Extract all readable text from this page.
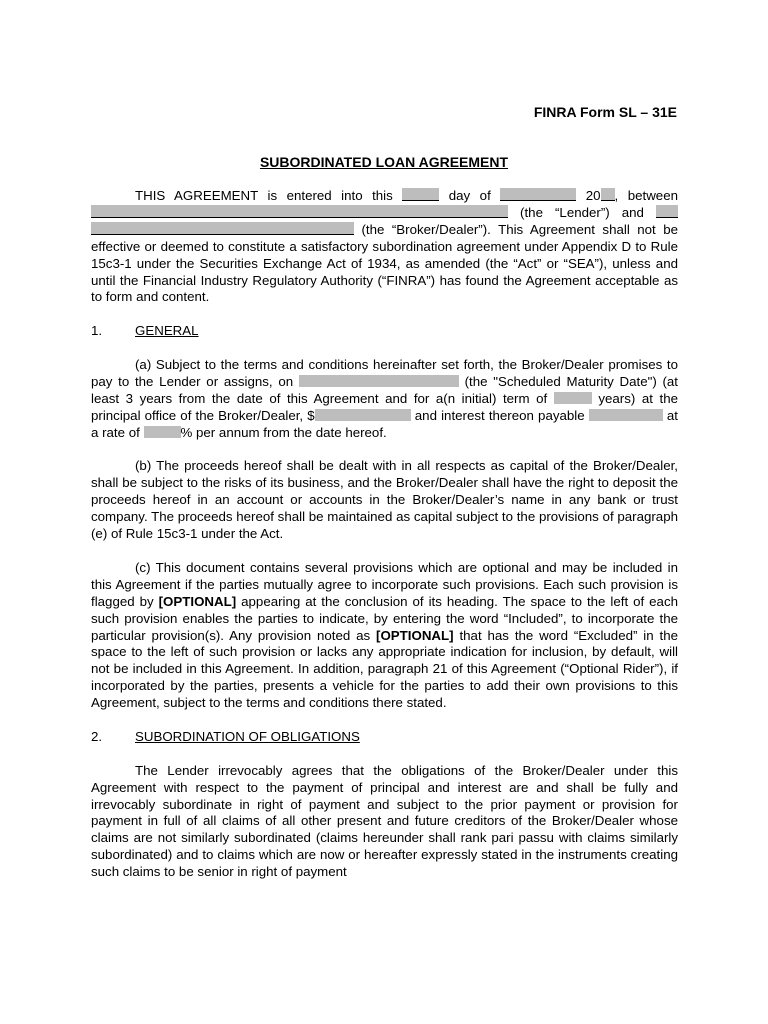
FINRA Form SL – 31E
SUBORDINATED LOAN AGREEMENT

THIS AGREEMENT is entered into this	day of	20 , between  (the “Lender”) and   (the “Broker/Dealer”). This Agreement shall not be effective or deemed to constitute a satisfactory subordination agreement under Appendix D to Rule 15c3-1 under the Securities Exchange Act of 1934, as amended (the “Act” or “SEA”), unless and until the Financial Industry Regulatory Authority (“FINRA”) has found the Agreement acceptable as to form and content.

1.	GENERAL

(a) Subject to the terms and conditions hereinafter set forth, the Broker/Dealer promises to pay to the Lender or assigns, on	(the "Scheduled Maturity Date") (at least 3 years from the date of this Agreement and for a(n initial) term of	years) at the principal office of the Broker/Dealer, $	and interest thereon payable	at a rate of	% per annum from the date hereof.

(b) The proceeds hereof shall be dealt with in all respects as capital of the Broker/Dealer, shall be subject to the risks of its business, and the Broker/Dealer shall have the right to deposit the proceeds hereof in an account or accounts in the Broker/Dealer’s name in any bank or trust company. The proceeds hereof shall be maintained as capital subject to the provisions of paragraph (e) of Rule 15c3-1 under the Act.

(c) This document contains several provisions which are optional and may be included in this Agreement if the parties mutually agree to incorporate such provisions. Each such provision is flagged by [OPTIONAL] appearing at the conclusion of its heading. The space to the left of each such provision enables the parties to indicate, by entering the word “Included”, to incorporate the particular provision(s). Any provision noted as [OPTIONAL] that has the word “Excluded” in the space to the left of such provision or lacks any appropriate indication for inclusion, by default, will not be included in this Agreement. In addition, paragraph 21 of this Agreement (“Optional Rider”), if incorporated by the parties, presents a vehicle for the parties to add their own provisions to this Agreement, subject to the terms and conditions there stated.

2.	SUBORDINATION OF OBLIGATIONS

The Lender irrevocably agrees that the obligations of the Broker/Dealer under this Agreement with respect to the payment of principal and interest are and shall be fully and irrevocably subordinate in right of payment and subject to the prior payment or provision for payment in full of all claims of all other present and future creditors of the Broker/Dealer whose claims are not similarly subordinated (claims hereunder shall rank pari passu with claims similarly subordinated) and to claims which are now or hereafter expressly stated in the instruments creating such claims to be senior in right of payment
